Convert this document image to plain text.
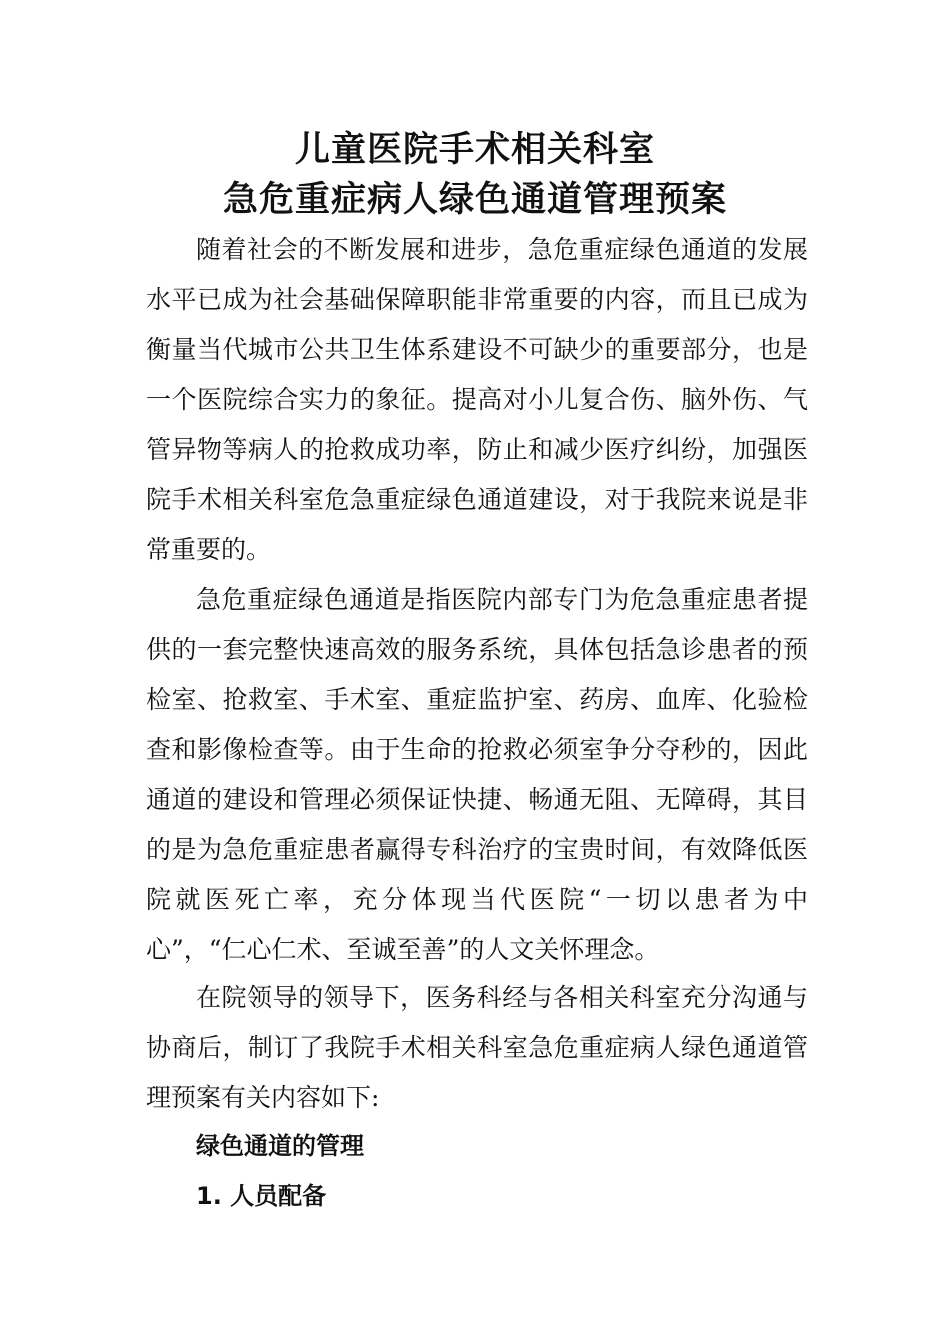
儿童医院手术相关科室
急危重症病人绿色通道管理预案

随着社会的不断发展和进步，急危重症绿色通道的发展水平已成为社会基础保障职能非常重要的内容，而且已成为衡量当代城市公共卫生体系建设不可缺少的重要部分，也是一个医院综合实力的象征。提高对小儿复合伤、脑外伤、气管异物等病人的抢救成功率，防止和减少医疗纠纷，加强医院手术相关科室危急重症绿色通道建设，对于我院来说是非常重要的。

急危重症绿色通道是指医院内部专门为危急重症患者提供的一套完整快速高效的服务系统，具体包括急诊患者的预检室、抢救室、手术室、重症监护室、药房、血库、化验检查和影像检查等。由于生命的抢救必须室争分夺秒的，因此通道的建设和管理必须保证快捷、畅通无阻、无障碍，其目的是为急危重症患者赢得专科治疗的宝贵时间，有效降低医院就医死亡率，充分体现当代医院“一切以患者为中心”，“仁心仁术、至诚至善”的人文关怀理念。

在院领导的领导下，医务科经与各相关科室充分沟通与协商后，制订了我院手术相关科室急危重症病人绿色通道管理预案有关内容如下:

绿色通道的管理
1. 人员配备
